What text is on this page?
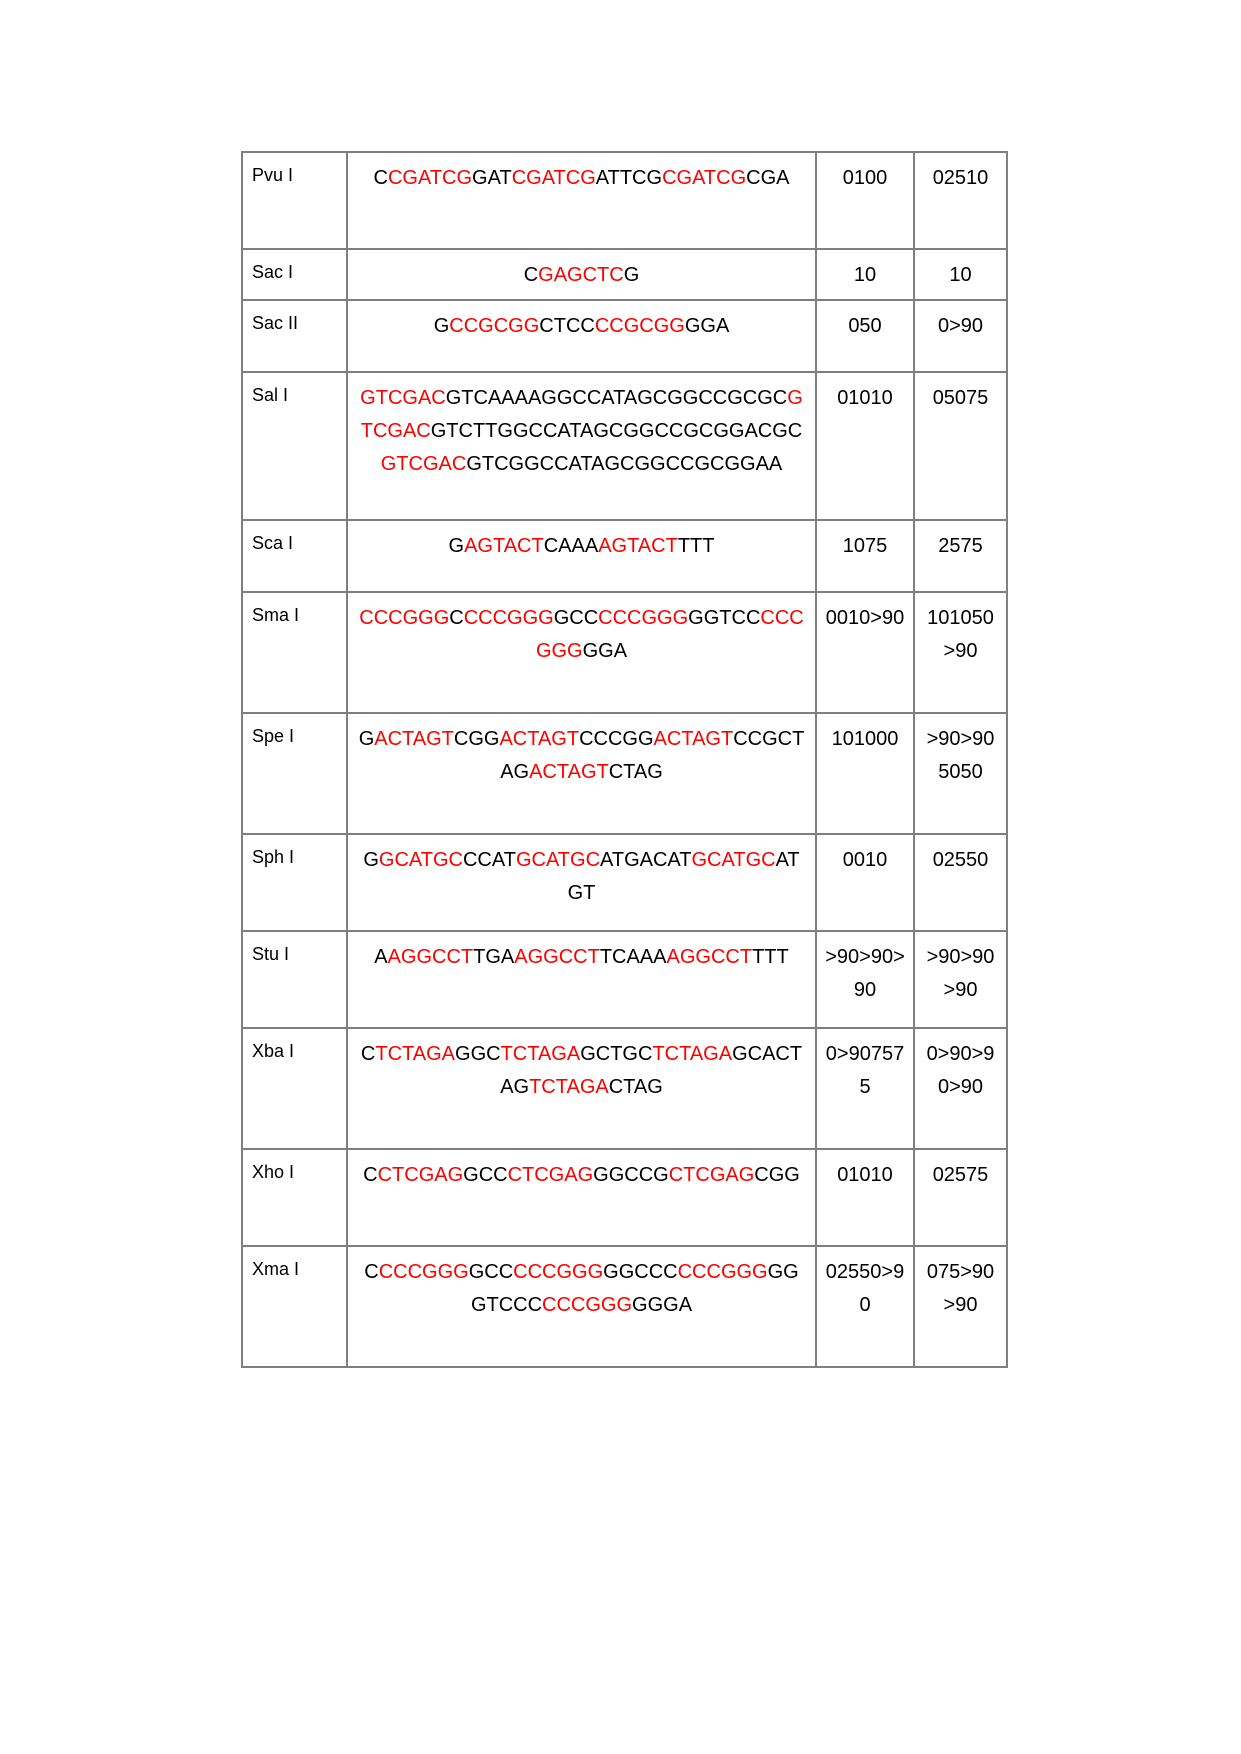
Pvu I	CCGATCGGATCGATCGATTCGCGATCGCGA	0100	02510
Sac I	CGAGCTCG	10	10
Sac II	GCCGCGGCTCCCCGCGGGGA	050	0>90
Sal I	GTCGACGTCAAAAGGCCATAGCGGCCGCGCGTCGACGTCTTGGCCATAGCGGCCGCGGACGCGTCGACGTCGGCCATAGCGGCCGCGGAA	01010	05075
Sca I	GAGTACTCAAAAGTACTTTT	1075	2575
Sma I	CCCGGGCCCCGGGGCCCCCGGGGGTCCCCCGGGGGA	0010>90	101050>90
Spe I	GACTAGTCGGACTAGTCCCGGACTAGTCCGCTAGACTAGTCTAG	101000	>90>905050
Sph I	GGCATGCCCATGCATGCATGACATGCATGCATGT	0010	02550
Stu I	AAGGCCTTGAAGGCCTTCAAAAGGCCTTTT	>90>90>90	>90>90>90
Xba I	CTCTAGAGGCTCTAGAGCTGCTCTAGAGCACTAGTCTAGACTAG	0>907575	0>90>90>90
Xho I	CCTCGAGGCCCTCGAGGGCCGCTCGAGCGG	01010	02575
Xma I	CCCCGGGGCCCCCGGGGGCCCCCCGGGGGGTCCCCCCGGGGGGA	02550>90	075>90>90
